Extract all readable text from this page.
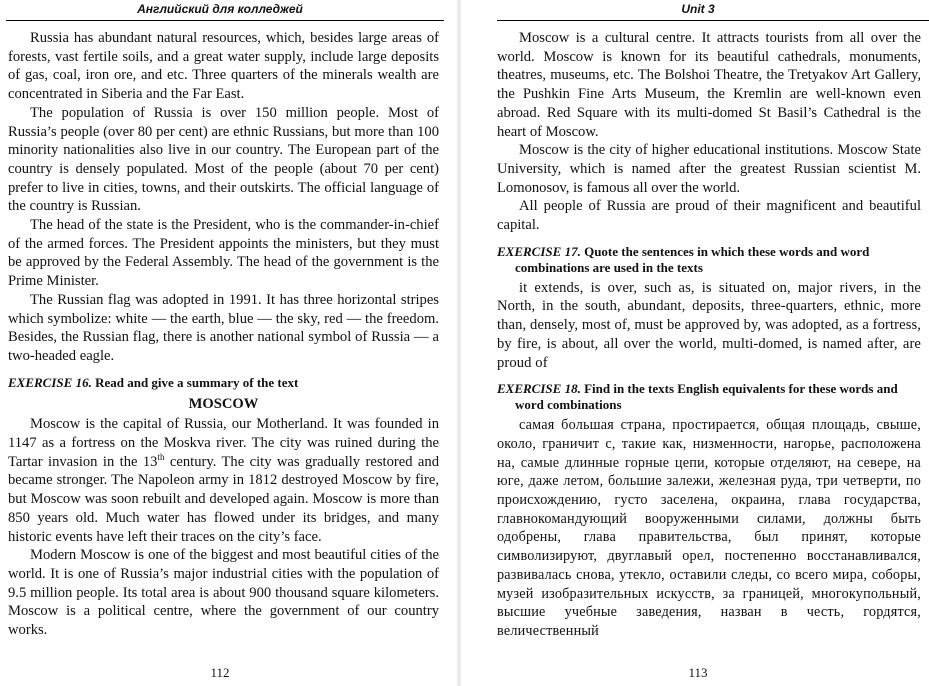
Английский для колледжей

Russia has abundant natural resources, which, besides large areas of forests, vast fertile soils, and a great water supply, include large deposits of gas, coal, iron ore, and etc. Three quarters of the minerals wealth are concentrated in Siberia and the Far East.

The population of Russia is over 150 million people. Most of Russia’s people (over 80 per cent) are ethnic Russians, but more than 100 minority nationalities also live in our country. The European part of the country is densely populated. Most of the people (about 70 per cent) prefer to live in cities, towns, and their outskirts. The official language of the country is Russian.

The head of the state is the President, who is the commander-in-chief of the armed forces. The President appoints the ministers, but they must be approved by the Federal Assembly. The head of the government is the Prime Minister.

The Russian flag was adopted in 1991. It has three horizontal stripes which symbolize: white — the earth, blue — the sky, red — the freedom. Besides, the Russian flag, there is another national symbol of Russia — a two-headed eagle.

EXERCISE 16. Read and give a summary of the text
MOSCOW

Moscow is the capital of Russia, our Motherland. It was founded in 1147 as a fortress on the Moskva river. The city was ruined during the Tartar invasion in the 13th century. The city was gradually restored and became stronger. The Napoleon army in 1812 destroyed Moscow by fire, but Moscow was soon rebuilt and developed again. Moscow is more than 850 years old. Much water has flowed under its bridges, and many historic events have left their traces on the city’s face.

Modern Moscow is one of the biggest and most beautiful cities of the world. It is one of Russia’s major industrial cities with the population of 9.5 million people. Its total area is about 900 thousand square kilometers. Moscow is a political centre, where the government of our country works.

112
Unit 3

Moscow is a cultural centre. It attracts tourists from all over the world. Moscow is known for its beautiful cathedrals, monuments, theatres, museums, etc. The Bolshoi Theatre, the Tretyakov Art Gallery, the Pushkin Fine Arts Museum, the Kremlin are well-known even abroad. Red Square with its multi-domed St Basil’s Cathedral is the heart of Moscow.

Moscow is the city of higher educational institutions. Moscow State University, which is named after the greatest Russian scientist M. Lomonosov, is famous all over the world.

All people of Russia are proud of their magnificent and beautiful capital.

EXERCISE 17. Quote the sentences in which these words and word combinations are used in the texts

it extends, is over, such as, is situated on, major rivers, in the North, in the south, abundant, deposits, three-quarters, ethnic, more than, densely, most of, must be approved by, was adopted, as a fortress, by fire, is about, all over the world, multi-domed, is named after, are proud of

EXERCISE 18. Find in the texts English equivalents for these words and word combinations

самая большая страна, простирается, общая площадь, свыше, около, граничит с, такие как, низменности, нагорье, расположена на, самые длинные горные цепи, которые отделяют, на севере, на юге, даже летом, большие залежи, железная руда, три четверти, по происхождению, густо заселена, окраина, глава государства, главнокомандующий вооруженными силами, должны быть одобрены, глава правительства, был принят, которые символизируют, двуглавый орел, постепенно восстанавливался, развивалась снова, утекло, оставили следы, со всего мира, соборы, музей изобразительных искусств, за границей, многокупольный, высшие учебные заведения, назван в честь, гордятся, величественный

113
